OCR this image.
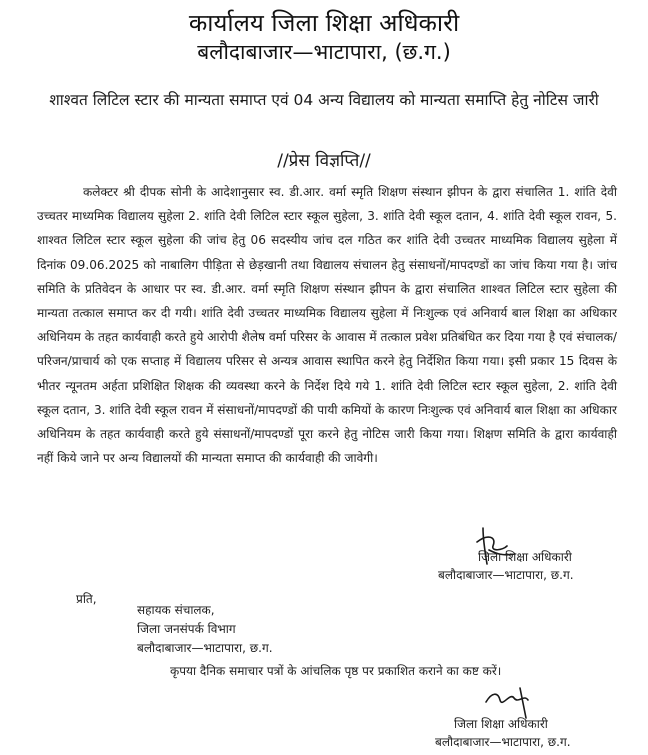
कार्यालय जिला शिक्षा अधिकारी
बलौदाबाजार—भाटापारा, (छ.ग.)
शाश्वत लिटिल स्टार की मान्यता समाप्त एवं 04 अन्य विद्यालय को मान्यता समाप्ति हेतु नोटिस जारी
//प्रेस विज्ञप्ति//
कलेक्टर श्री दीपक सोनी के आदेशानुसार स्व. डी.आर. वर्मा स्मृति शिक्षण संस्थान झीपन के द्वारा संचालित 1. शांति देवी उच्चतर माध्यमिक विद्यालय सुहेला 2. शांति देवी लिटिल स्टार स्कूल सुहेला, 3. शांति देवी स्कूल दतान, 4. शांति देवी स्कूल रावन, 5. शाश्वत लिटिल स्टार स्कूल सुहेला की जांच हेतु 06 सदस्यीय जांच दल गठित कर शांति देवी उच्चतर माध्यमिक विद्यालय सुहेला में दिनांक 09.06.2025 को नाबालिग पीड़िता से छेड़खानी तथा विद्यालय संचालन हेतु संसाधनों/मापदण्डों का जांच किया गया है। जांच समिति के प्रतिवेदन के आधार पर स्व. डी.आर. वर्मा स्मृति शिक्षण संस्थान झीपन के द्वारा संचालित शाश्वत लिटिल स्टार सुहेला की मान्यता तत्काल समाप्त कर दी गयी। शांति देवी उच्चतर माध्यमिक विद्यालय सुहेला में निःशुल्क एवं अनिवार्य बाल शिक्षा का अधिकार अधिनियम के तहत कार्यवाही करते हुये आरोपी शैलेष वर्मा परिसर के आवास में तत्काल प्रवेश प्रतिबंधित कर दिया गया है एवं संचालक/परिजन/प्राचार्य को एक सप्ताह में विद्यालय परिसर से अन्यत्र आवास स्थापित करने हेतु निर्देशित किया गया। इसी प्रकार 15 दिवस के भीतर न्यूनतम अर्हता प्रशिक्षित शिक्षक की व्यवस्था करने के निर्देश दिये गये 1. शांति देवी लिटिल स्टार स्कूल सुहेला, 2. शांति देवी स्कूल दतान, 3. शांति देवी स्कूल रावन में संसाधनों/मापदण्डों की पायी कमियों के कारण निःशुल्क एवं अनिवार्य बाल शिक्षा का अधिकार अधिनियम के तहत कार्यवाही करते हुये संसाधनों/मापदण्डों पूरा करने हेतु नोटिस जारी किया गया। शिक्षण समिति के द्वारा कार्यवाही नहीं किये जाने पर अन्य विद्यालयों की मान्यता समाप्त की कार्यवाही की जावेगी।
जिला शिक्षा अधिकारी
बलौदाबाजार—भाटापारा, छ.ग.
प्रति,
सहायक संचालक,
जिला जनसंपर्क विभाग
बलौदाबाजार—भाटापारा, छ.ग.
कृपया दैनिक समाचार पत्रों के आंचलिक पृष्ठ पर प्रकाशित कराने का कष्ट करें।
जिला शिक्षा अधिकारी
बलौदाबाजार—भाटापारा, छ.ग.
